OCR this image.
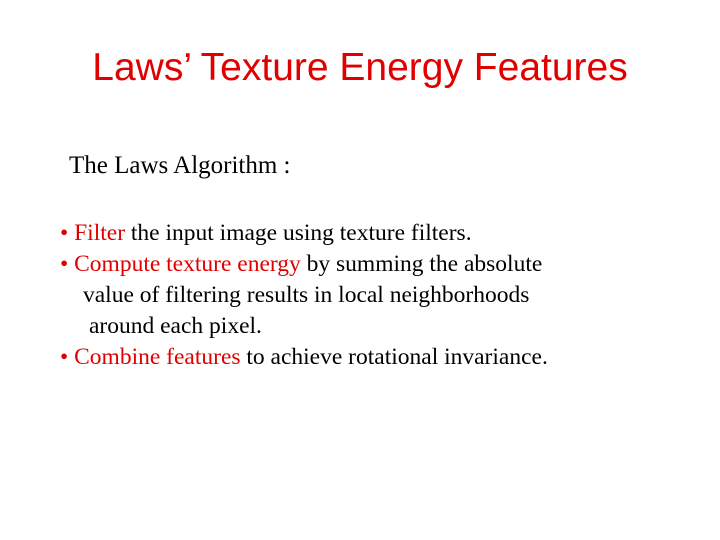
Laws’ Texture Energy Features
The Laws Algorithm :
• Filter the input image using texture filters.
• Compute texture energy by summing the absolute
value of filtering results in local neighborhoods
around each pixel.
• Combine features to achieve rotational invariance.
